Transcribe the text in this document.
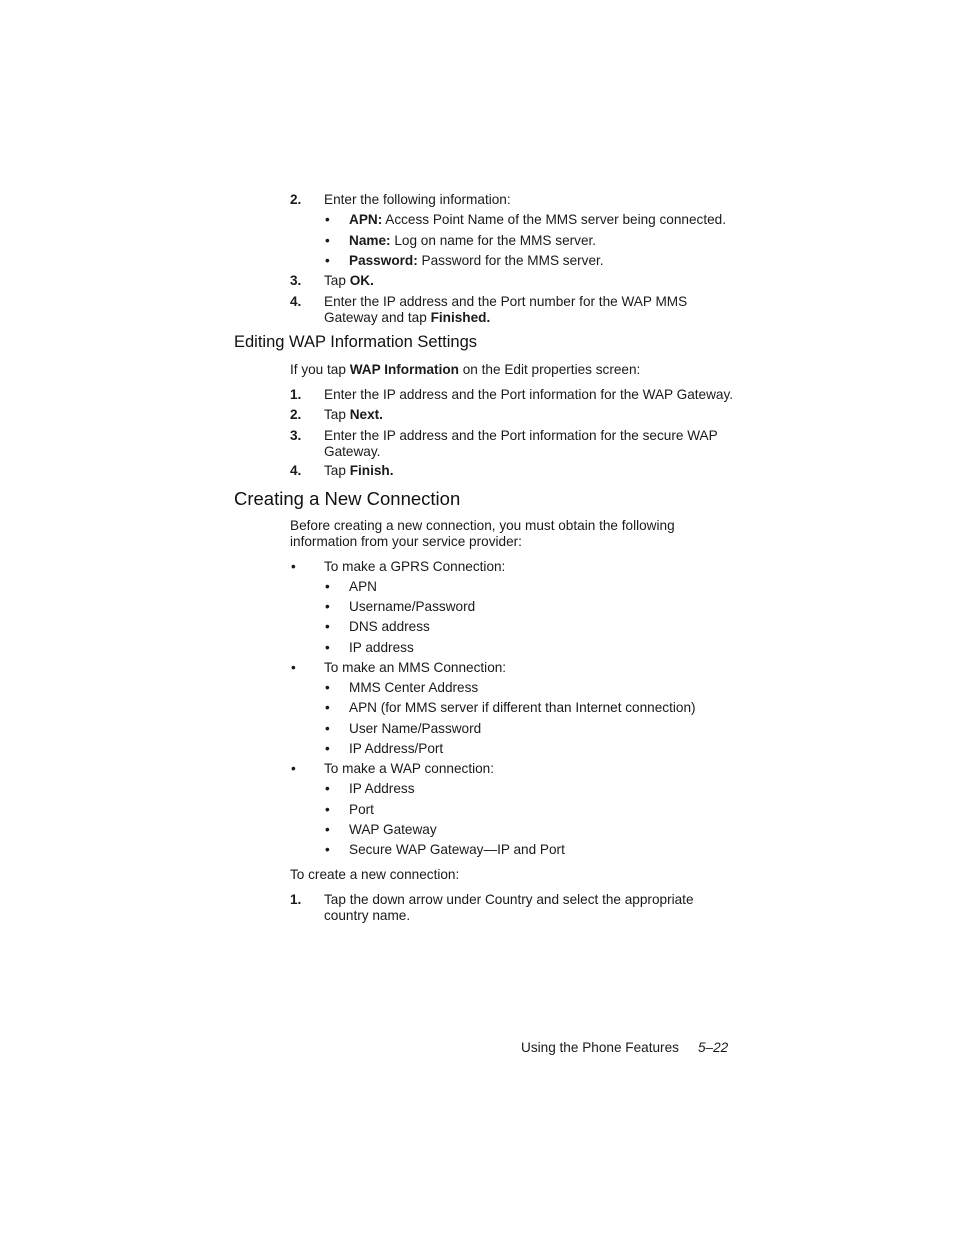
2. Enter the following information:
• APN: Access Point Name of the MMS server being connected.
• Name: Log on name for the MMS server.
• Password: Password for the MMS server.
3. Tap OK.
4. Enter the IP address and the Port number for the WAP MMS
Gateway and tap Finished.
Editing WAP Information Settings
If you tap WAP Information on the Edit properties screen:
1. Enter the IP address and the Port information for the WAP Gateway.
2. Tap Next.
3. Enter the IP address and the Port information for the secure WAP
Gateway.
4. Tap Finish.
Creating a New Connection
Before creating a new connection, you must obtain the following
information from your service provider:
• To make a GPRS Connection:
• APN
• Username/Password
• DNS address
• IP address
• To make an MMS Connection:
• MMS Center Address
• APN (for MMS server if different than Internet connection)
• User Name/Password
• IP Address/Port
• To make a WAP connection:
• IP Address
• Port
• WAP Gateway
• Secure WAP Gateway—IP and Port
To create a new connection:
1. Tap the down arrow under Country and select the appropriate
country name.
Using the Phone Features 5–22
